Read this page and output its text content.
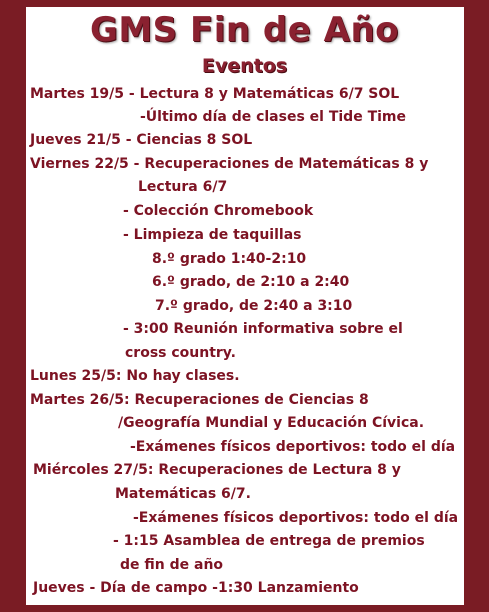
GMS Fin de Año
Eventos
Martes 19/5 - Lectura 8 y Matemáticas 6/7 SOL
-Último día de clases el Tide Time
Jueves 21/5 - Ciencias 8 SOL
Viernes 22/5 - Recuperaciones de Matemáticas 8 y
Lectura 6/7
- Colección Chromebook
- Limpieza de taquillas
8.º grado 1:40-2:10
6.º grado, de 2:10 a 2:40
7.º grado, de 2:40 a 3:10
- 3:00 Reunión informativa sobre el
cross country.
Lunes 25/5: No hay clases.
Martes 26/5: Recuperaciones de Ciencias 8
/Geografía Mundial y Educación Cívica.
-Exámenes físicos deportivos: todo el día
Miércoles 27/5: Recuperaciones de Lectura 8 y
Matemáticas 6/7.
-Exámenes físicos deportivos: todo el día
- 1:15 Asamblea de entrega de premios
de fin de año
Jueves - Día de campo -1:30 Lanzamiento
